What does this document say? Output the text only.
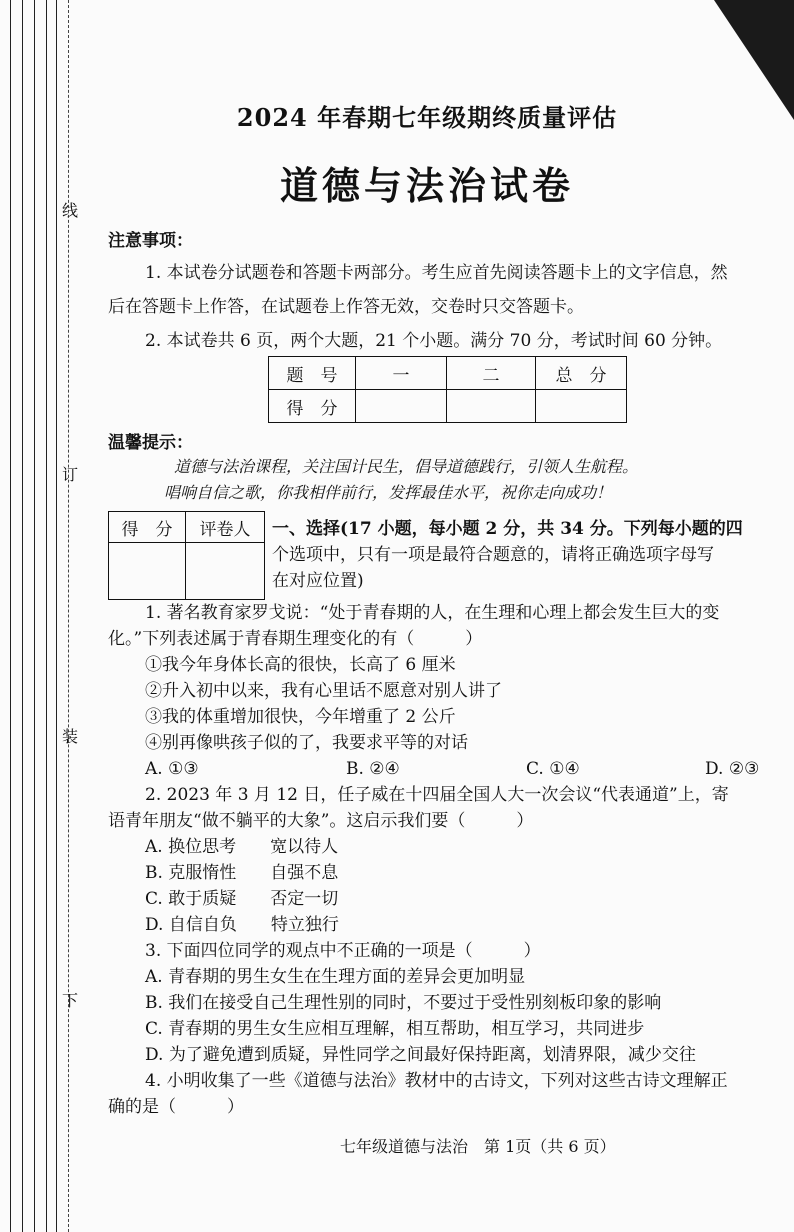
线
订
装
下
2024 年春期七年级期终质量评估
道德与法治试卷
注意事项：
1. 本试卷分试题卷和答题卡两部分。考生应首先阅读答题卡上的文字信息，然
后在答题卡上作答，在试题卷上作答无效，交卷时只交答题卡。
2. 本试卷共 6 页，两个大题，21 个小题。满分 70 分，考试时间 60 分钟。
题　号	一	二	总　分
得　分			
温馨提示：
道德与法治课程，关注国计民生，倡导道德践行，引领人生航程。
唱响自信之歌，你我相伴前行，发挥最佳水平，祝你走向成功！
得　分	评卷人
	一、选择(17 小题，每小题 2 分，共 34 分。下列每小题的四
个选项中，只有一项是最符合题意的，请将正确选项字母写
在对应位置)
1. 著名教育家罗戈说：“处于青春期的人，在生理和心理上都会发生巨大的变
化。”下列表述属于青春期生理变化的有（　　　）
①我今年身体长高的很快，长高了 6 厘米
②升入初中以来，我有心里话不愿意对别人讲了
③我的体重增加很快，今年增重了 2 公斤
④别再像哄孩子似的了，我要求平等的对话
A. ①③	B. ②④	C. ①④	D. ②③
2. 2023 年 3 月 12 日，任子威在十四届全国人大一次会议“代表通道”上，寄
语青年朋友“做不躺平的大象”。这启示我们要（　　　）
A. 换位思考　　宽以待人
B. 克服惰性　　自强不息
C. 敢于质疑　　否定一切
D. 自信自负　　特立独行
3. 下面四位同学的观点中不正确的一项是（　　　）
A. 青春期的男生女生在生理方面的差异会更加明显
B. 我们在接受自己生理性别的同时，不要过于受性别刻板印象的影响
C. 青春期的男生女生应相互理解，相互帮助，相互学习，共同进步
D. 为了避免遭到质疑，异性同学之间最好保持距离，划清界限，减少交往
4. 小明收集了一些《道德与法治》教材中的古诗文，下列对这些古诗文理解正
确的是（　　　）
七年级道德与法治　第 1页（共 6 页）
